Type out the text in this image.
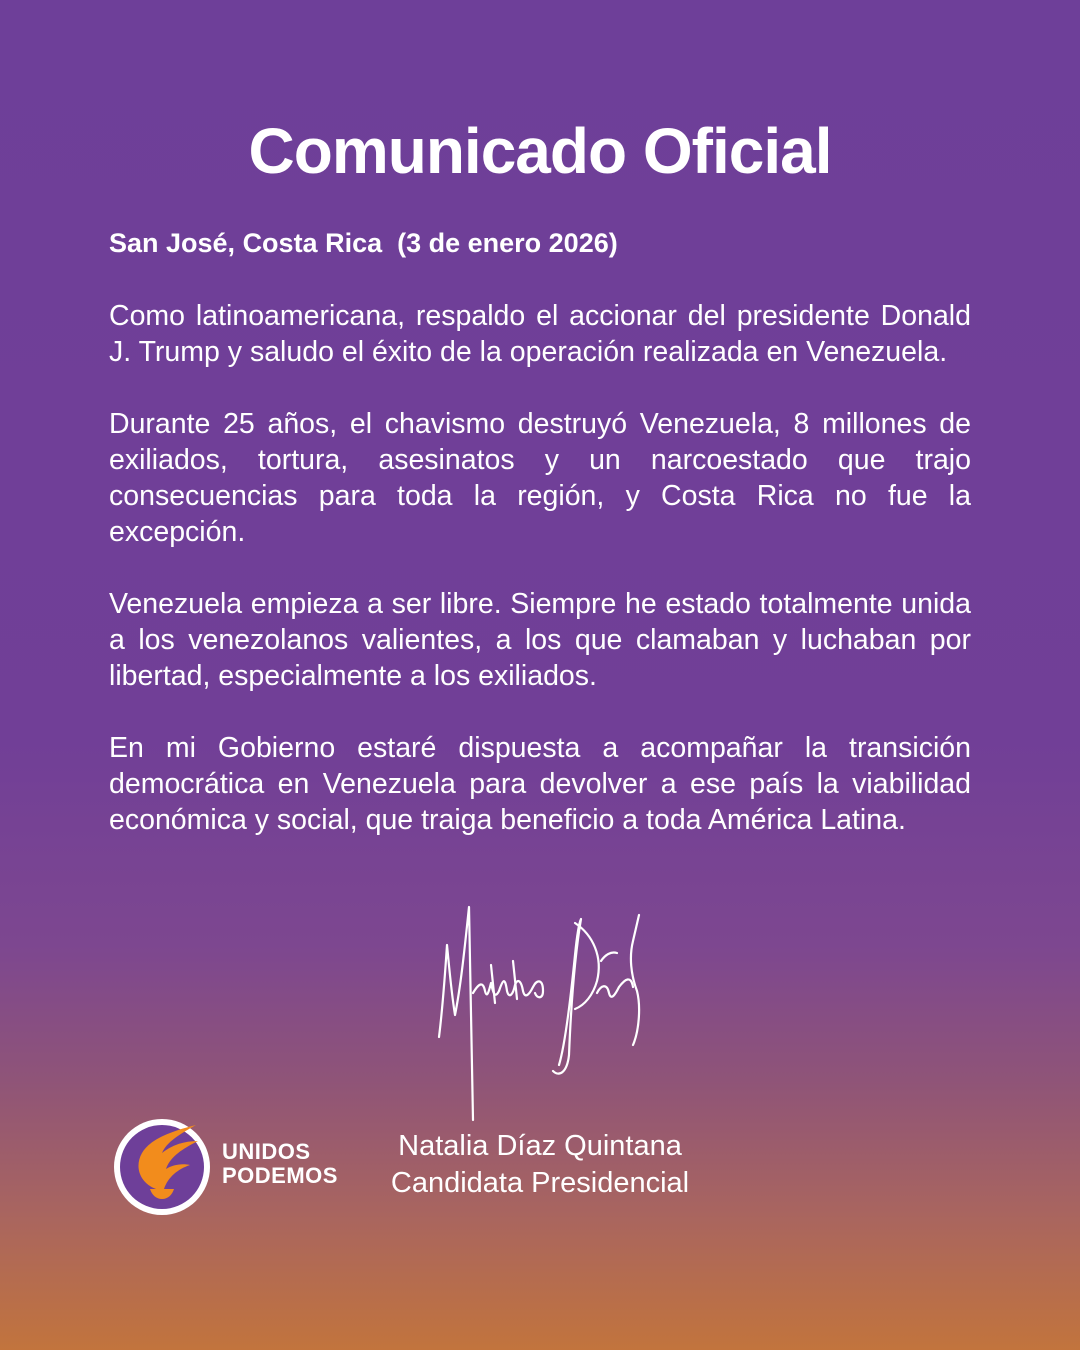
Comunicado Oficial

San José, Costa Rica  (3 de enero 2026)

Como latinoamericana, respaldo el accionar del presidente Donald J. Trump y saludo el éxito de la operación realizada en Venezuela.

Durante 25 años, el chavismo destruyó Venezuela, 8 millones de exiliados, tortura, asesinatos y un narcoestado que trajo consecuencias para toda la región, y Costa Rica no fue la excepción.

Venezuela empieza a ser libre. Siempre he estado totalmente unida a los venezolanos valientes, a los que clamaban y luchaban por libertad, especialmente a los exiliados.

En mi Gobierno estaré dispuesta a acompañar la transición democrática en Venezuela para devolver a ese país la viabilidad económica y social, que traiga beneficio a toda América Latina.

Natalia Díaz Quintana
Candidata Presidencial
UNIDOS
PODEMOS
